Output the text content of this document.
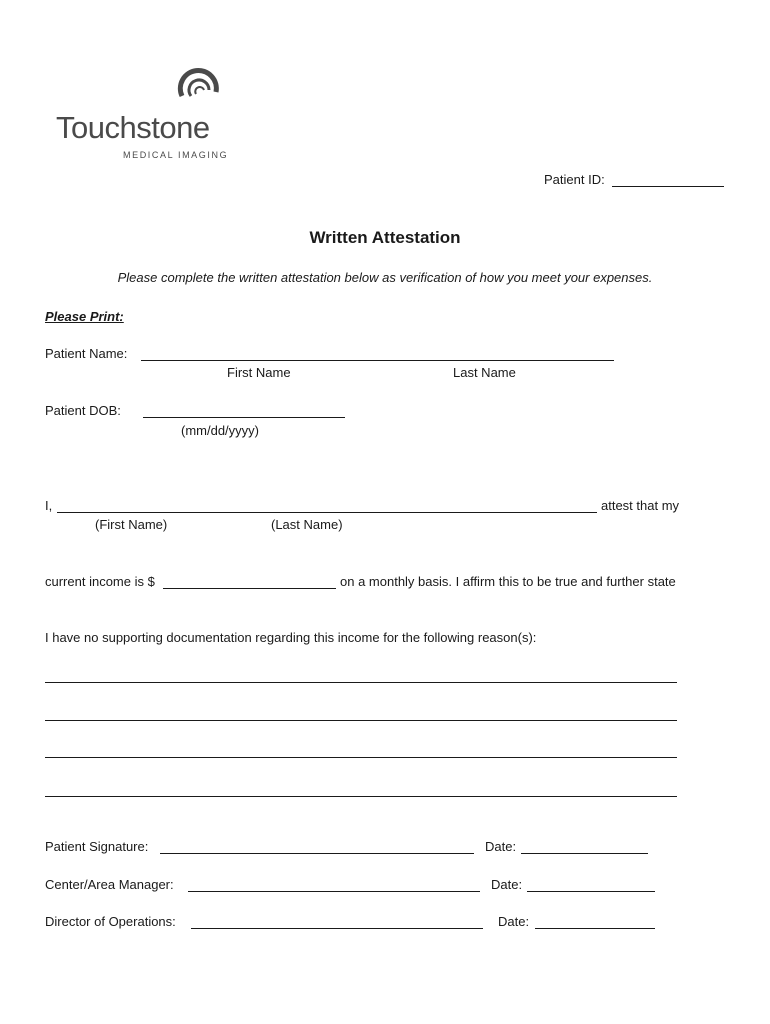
Touchstone
MEDICAL IMAGING
Patient ID:
Written Attestation
Please complete the written attestation below as verification of how you meet your expenses.
Please Print:
Patient Name:
First Name	Last Name
Patient DOB:
(mm/dd/yyyy)
I,	attest that my
(First Name)	(Last Name)
current income is $	on a monthly basis. I affirm this to be true and further state
I have no supporting documentation regarding this income for the following reason(s):
Patient Signature:	Date:
Center/Area Manager:	Date:
Director of Operations:	Date:
